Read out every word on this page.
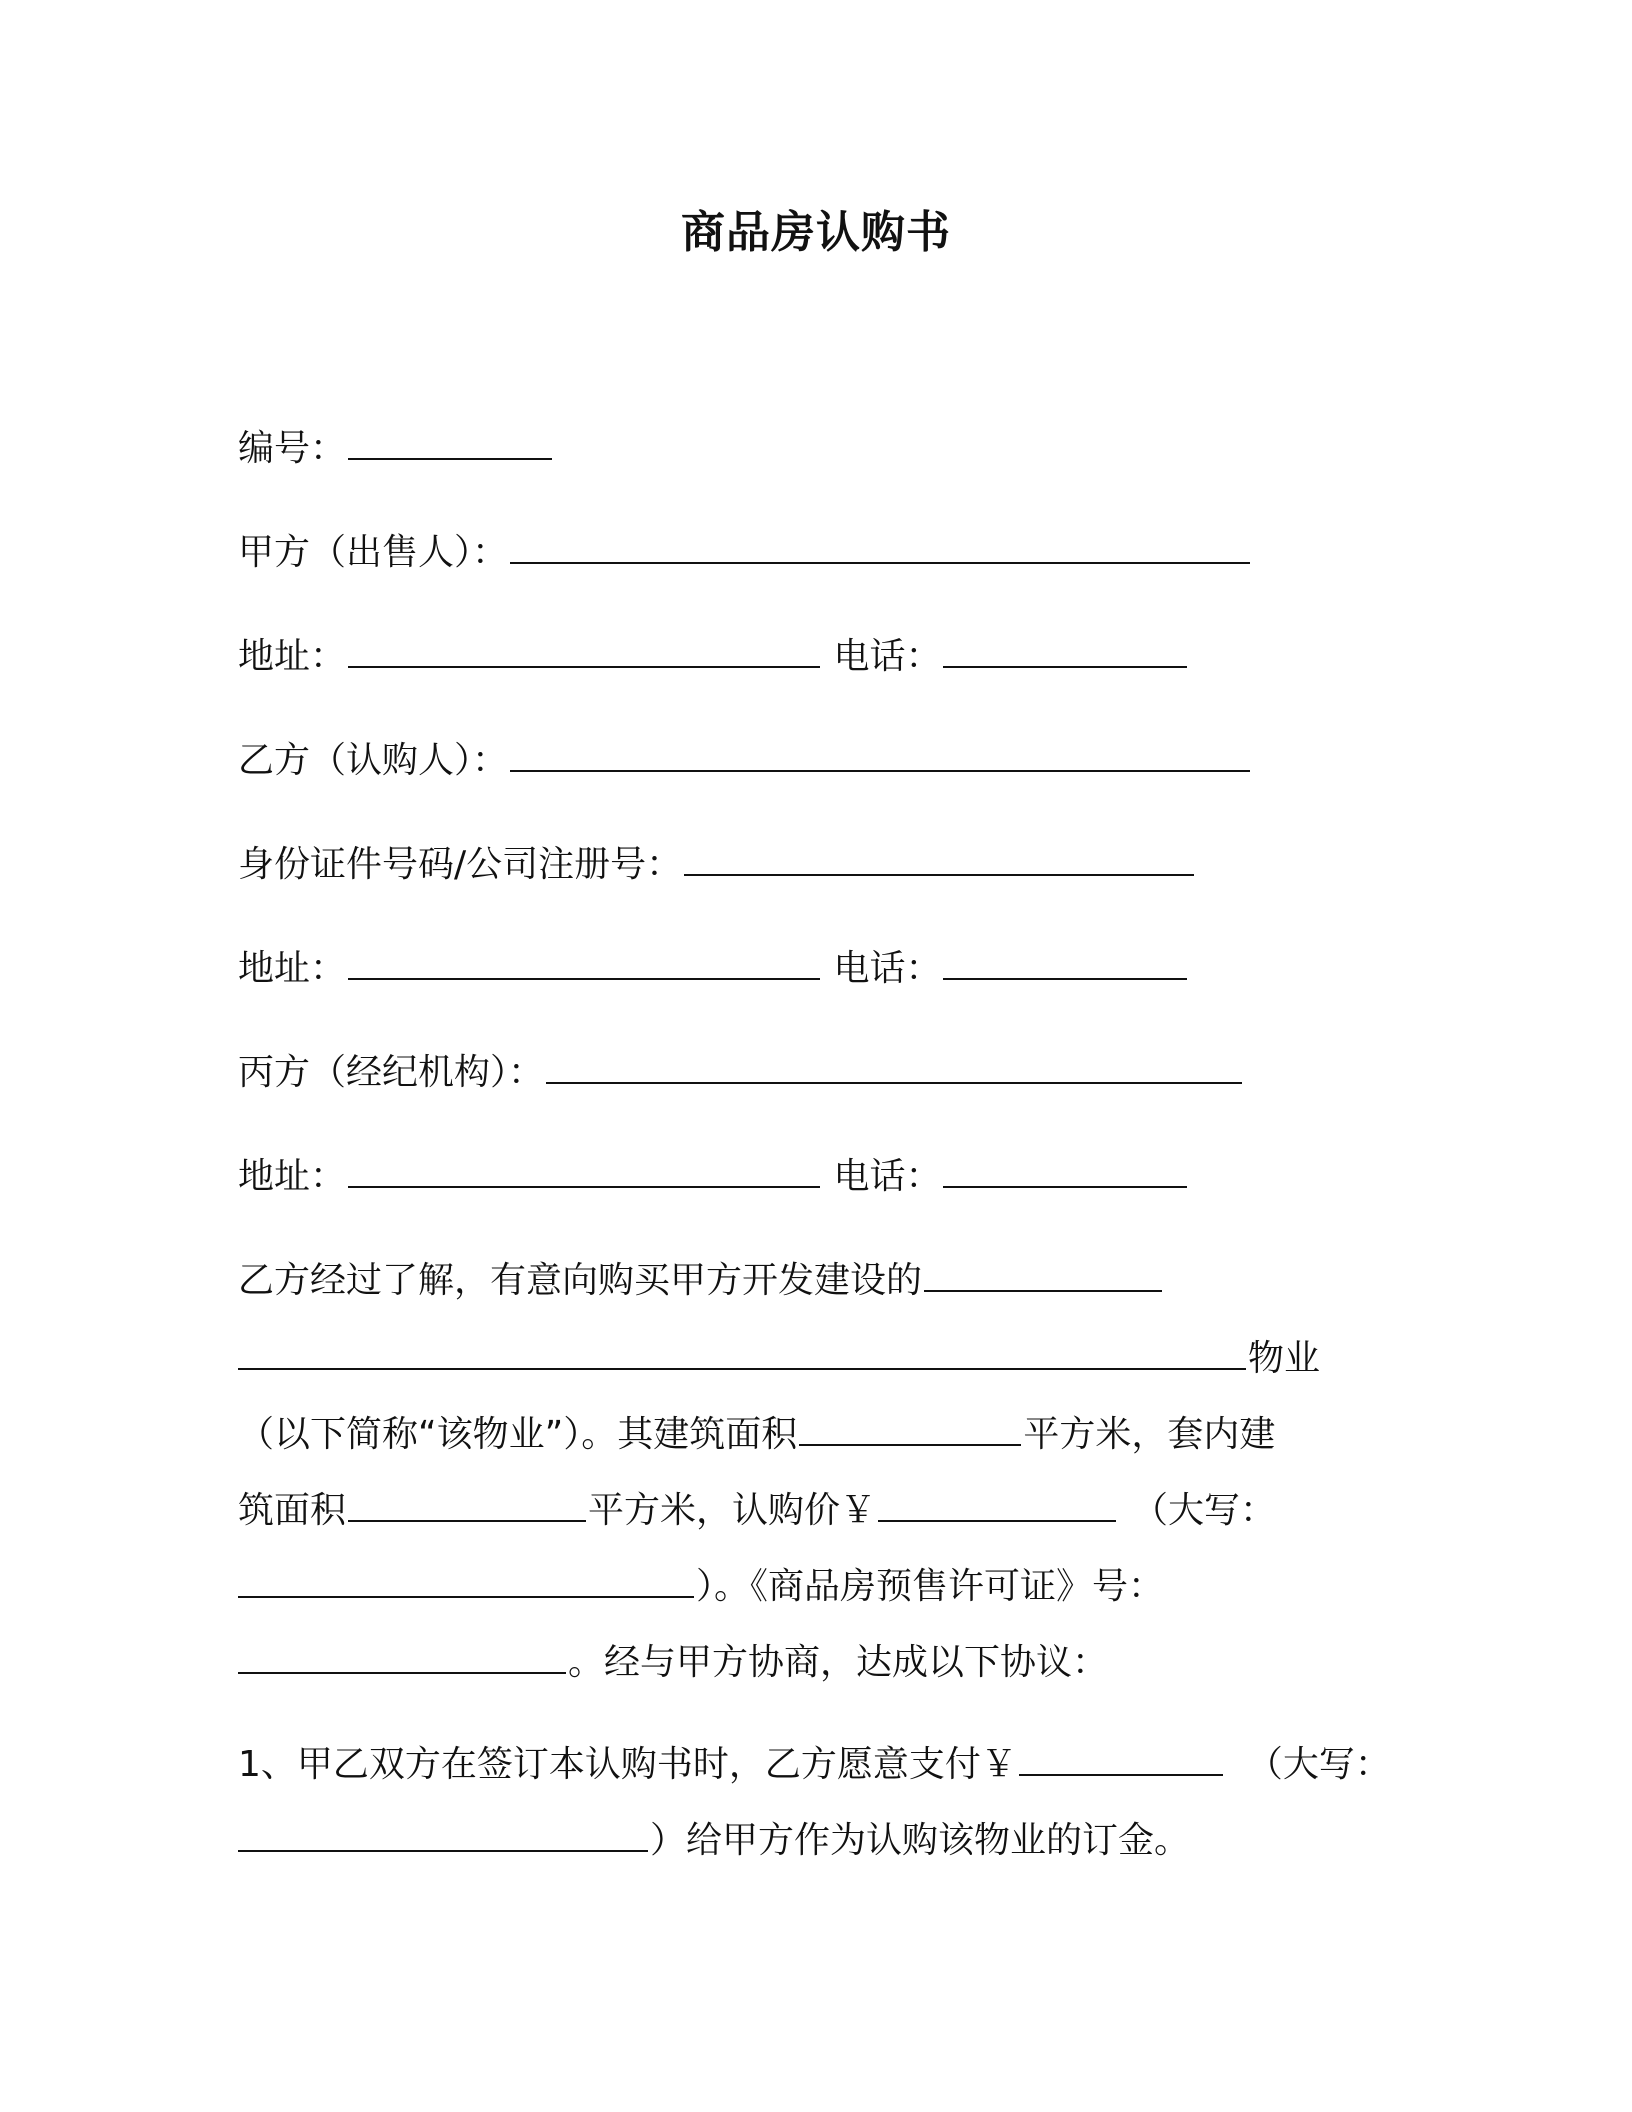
商品房认购书
编号：
甲方（出售人）：
地址：	电话：
乙方（认购人）：
身份证件号码/公司注册号：
地址：	电话：
丙方（经纪机构）：
地址：	电话：
乙方经过了解，有意向购买甲方开发建设的
物业
（以下简称“该物业”）。其建筑面积	平方米，套内建
筑面积	平方米，认购价￥	（大写：
）。《商品房预售许可证》号：
。经与甲方协商，达成以下协议：
1、甲乙双方在签订本认购书时，乙方愿意支付￥	（大写：
）给甲方作为认购该物业的订金。
